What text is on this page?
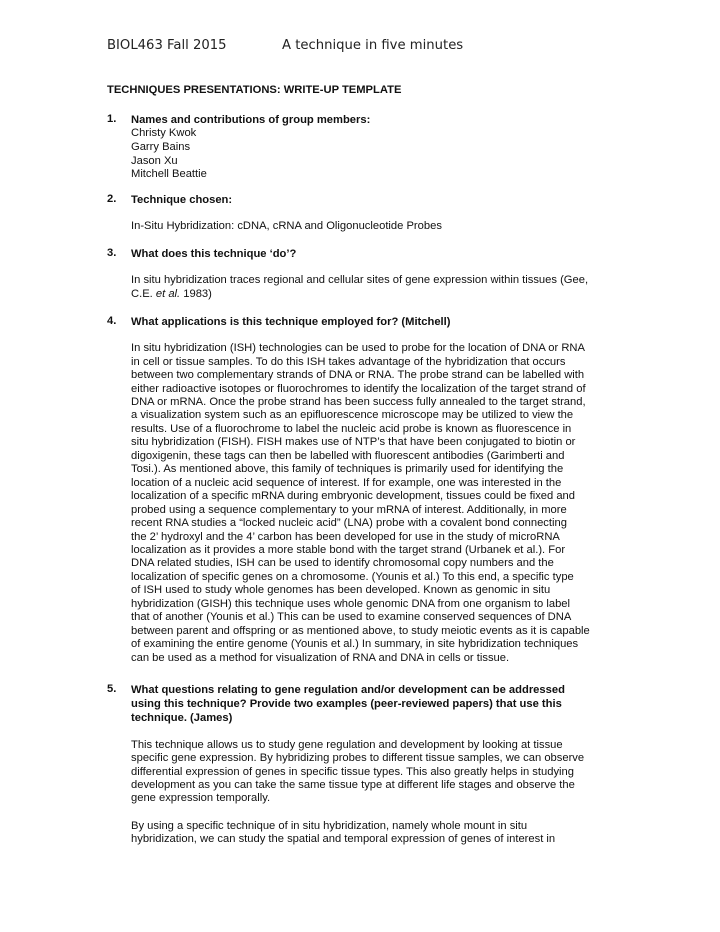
BIOL463 Fall 2015	A technique in five minutes
TECHNIQUES PRESENTATIONS: WRITE-UP TEMPLATE
1. Names and contributions of group members:
Christy Kwok
Garry Bains
Jason Xu
Mitchell Beattie
2. Technique chosen:
In-Situ Hybridization: cDNA, cRNA and Oligonucleotide Probes
3. What does this technique ‘do’?
In situ hybridization traces regional and cellular sites of gene expression within tissues (Gee,
C.E. et al. 1983)
4. What applications is this technique employed for? (Mitchell)
In situ hybridization (ISH) technologies can be used to probe for the location of DNA or RNA
in cell or tissue samples. To do this ISH takes advantage of the hybridization that occurs
between two complementary strands of DNA or RNA. The probe strand can be labelled with
either radioactive isotopes or fluorochromes to identify the localization of the target strand of
DNA or mRNA. Once the probe strand has been success fully annealed to the target strand,
a visualization system such as an epifluorescence microscope may be utilized to view the
results. Use of a fluorochrome to label the nucleic acid probe is known as fluorescence in
situ hybridization (FISH). FISH makes use of NTP’s that have been conjugated to biotin or
digoxigenin, these tags can then be labelled with fluorescent antibodies (Garimberti and
Tosi.). As mentioned above, this family of techniques is primarily used for identifying the
location of a nucleic acid sequence of interest. If for example, one was interested in the
localization of a specific mRNA during embryonic development, tissues could be fixed and
probed using a sequence complementary to your mRNA of interest. Additionally, in more
recent RNA studies a “locked nucleic acid” (LNA) probe with a covalent bond connecting
the 2’ hydroxyl and the 4’ carbon has been developed for use in the study of microRNA
localization as it provides a more stable bond with the target strand (Urbanek et al.). For
DNA related studies, ISH can be used to identify chromosomal copy numbers and the
localization of specific genes on a chromosome. (Younis et al.) To this end, a specific type
of ISH used to study whole genomes has been developed. Known as genomic in situ
hybridization (GISH) this technique uses whole genomic DNA from one organism to label
that of another (Younis et al.) This can be used to examine conserved sequences of DNA
between parent and offspring or as mentioned above, to study meiotic events as it is capable
of examining the entire genome (Younis et al.) In summary, in site hybridization techniques
can be used as a method for visualization of RNA and DNA in cells or tissue.
5. What questions relating to gene regulation and/or development can be addressed
using this technique? Provide two examples (peer-reviewed papers) that use this
technique. (James)
This technique allows us to study gene regulation and development by looking at tissue
specific gene expression. By hybridizing probes to different tissue samples, we can observe
differential expression of genes in specific tissue types. This also greatly helps in studying
development as you can take the same tissue type at different life stages and observe the
gene expression temporally.
By using a specific technique of in situ hybridization, namely whole mount in situ
hybridization, we can study the spatial and temporal expression of genes of interest in
